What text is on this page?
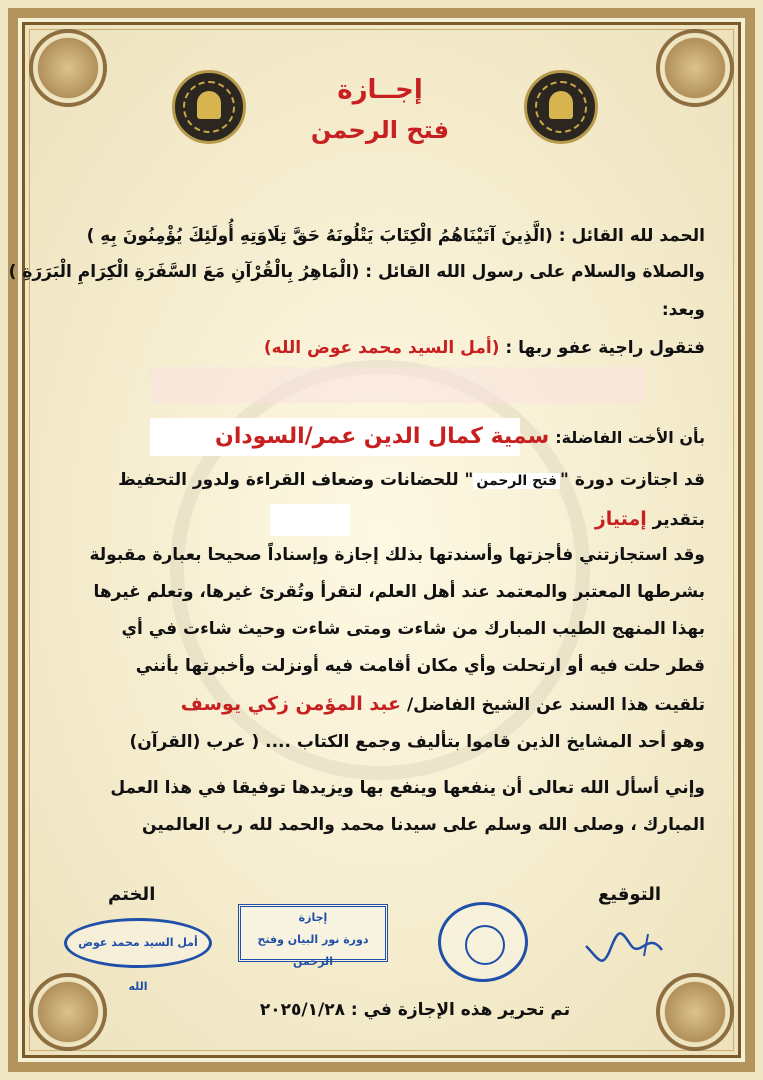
إجــازة
فتح الرحمن
الحمد لله القائل : (الَّذِينَ آتَيْنَاهُمُ الْكِتَابَ يَتْلُونَهُ حَقَّ تِلَاوَتِهِ أُولَئِكَ يُؤْمِنُونَ بِهِ )
والصلاة والسلام على رسول الله القائل : (الْمَاهِرُ بِالْقُرْآنِ مَعَ السَّفَرَةِ الْكِرَامِ الْبَرَرَةِ )
وبعد:
فتقول راجية عفو ربها : (أمل السيد محمد عوض الله)
بأن الأخت الفاضلة: سمية كمال الدين عمر/السودان
قد اجتازت دورة "فتح الرحمن" للحضانات وضعاف القراءة ولدور التحفيظ
بتقدير إمتياز
وقد استجازتني فأجزتها وأسندتها بذلك إجازة وإسناداً صحيحا بعبارة مقبولة
بشرطها المعتبر والمعتمد عند أهل العلم، لتقرأ وتُقرئ غيرها، وتعلم غيرها
بهذا المنهج الطيب المبارك من شاءت ومتى شاءت وحيث شاءت في أي
قطر حلت فيه أو ارتحلت وأي مكان أقامت فيه أونزلت وأخبرتها بأنني
تلقيت هذا السند عن الشيخ الفاضل/ عبد المؤمن زكي يوسف
وهو أحد المشايخ الذين قاموا بتأليف وجمع الكتاب .... ( عرب (القرآن)
وإني أسأل الله تعالى أن ينفعها وينفع بها ويزيدها توفيقا في هذا العمل
المبارك ، وصلى الله وسلم على سيدنا محمد والحمد لله رب العالمين
التوقيع
الختم
إجازة
دورة نور البيان وفتح الرحمن
أمل السيد محمد عوض الله
تم تحرير هذه الإجازة في : ٢٠٢٥/١/٢٨
